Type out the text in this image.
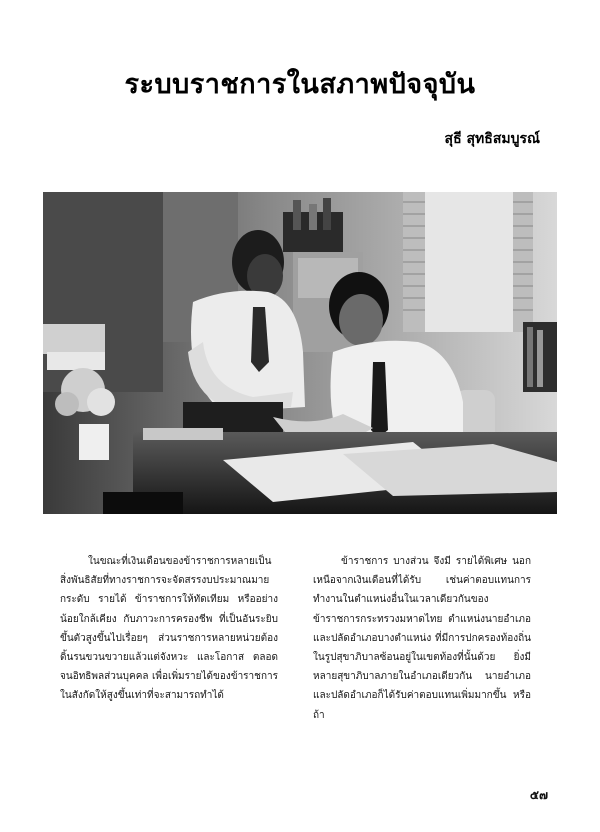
ระบบราชการในสภาพปัจจุบัน
สุธี สุทธิสมบูรณ์

ในขณะที่เงินเดือนของข้าราชการหลายเป็นสิ่งพันธิสัยที่ทางราชการจะจัดสรรงบประมาณมายกระดับ รายได้ ข้าราชการให้ทัดเทียม หรืออย่างน้อยใกล้เคียง กับภาวะการครองชีพ ที่เป็นอันระยิบขึ้นตัวสูงขึ้นไปเรื่อยๆ ส่วนราชการหลายหน่วยต้องดิ้นรนขวนขวายแล้วแต่จังหวะ และโอกาส ตลอดจนอิทธิพลส่วนบุคคล เพื่อเพิ่มรายได้ของข้าราชการในสังกัดให้สูงขึ้นเท่าที่จะสามารถทำได้

ข้าราชการ บางส่วน จึงมี รายได้พิเศษ นอกเหนือจากเงินเดือนที่ได้รับ เช่นค่าตอบแทนการทำงานในตำแหน่งอื่นในเวลาเดียวกันของข้าราชการกระทรวงมหาดไทย ตำแหน่งนายอำเภอ และปลัดอำเภอบางตำแหน่ง ที่มีการปกครองท้องถิ่นในรูปสุขาภิบาลซ้อนอยู่ในเขตท้องที่นั้นด้วย ยิ่งมีหลายสุขาภิบาลภายในอำเภอเดียวกัน นายอำเภอและปลัดอำเภอก็ได้รับค่าตอบแทนเพิ่มมากขึ้น หรือถ้า

๕๗
